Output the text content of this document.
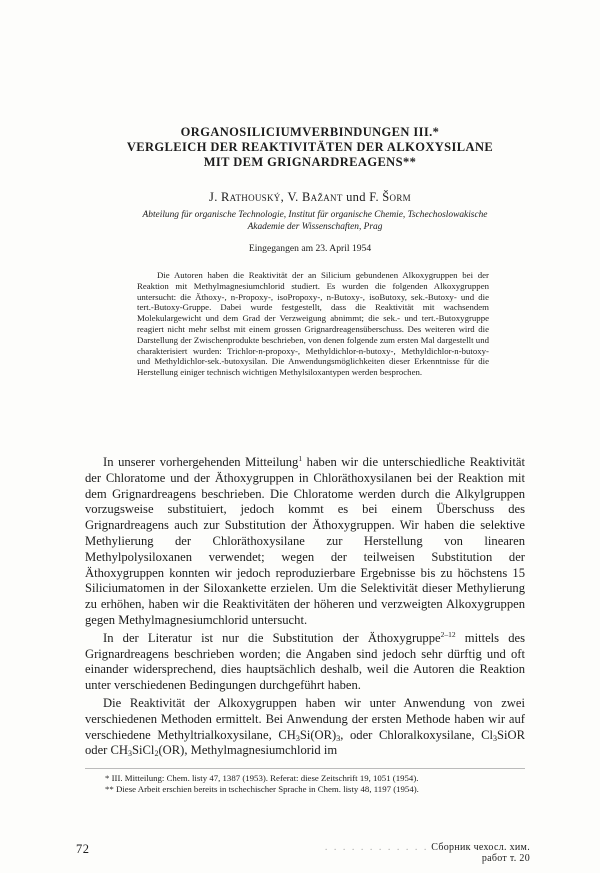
ORGANOSILICIUMVERBINDUNGEN III.*
VERGLEICH DER REAKTIVITÄTEN DER ALKOXYSILANE
MIT DEM GRIGNARDREAGENS**
J. Rathouský, V. Bažant und F. Šorm
Abteilung für organische Technologie, Institut für organische Chemie, Tschechoslowakische
Akademie der Wissenschaften, Prag
Eingegangen am 23. April 1954

Die Autoren haben die Reaktivität der an Silicium gebundenen Alkoxygruppen bei der Reaktion mit Methylmagnesiumchlorid studiert. Es wurden die folgenden Alkoxygruppen untersucht: die Äthoxy-, n-Propoxy-, isoPropoxy-, n-Butoxy-, isoButoxy, sek.-Butoxy- und die tert.-Butoxy-Gruppe. Dabei wurde festgestellt, dass die Reaktivität mit wachsendem Molekulargewicht und dem Grad der Verzweigung abnimmt; die sek.- und tert.-Butoxygruppe reagiert nicht mehr selbst mit einem grossen Grignardreagensüberschuss. Des weiteren wird die Darstellung der Zwischenprodukte beschrieben, von denen folgende zum ersten Mal dargestellt und charakterisiert wurden: Trichlor-n-propoxy-, Methyldichlor-n-butoxy-, Methyldichlor-n-butoxy- und Methyldichlor-sek.-butoxysilan. Die Anwendungsmöglichkeiten dieser Erkenntnisse für die Herstellung einiger technisch wichtigen Methylsiloxantypen werden besprochen.

In unserer vorhergehenden Mitteilung$^1$ haben wir die unterschiedliche Reaktivität der Chloratome und der Äthoxygruppen in Chloräthoxysilanen bei der Reaktion mit dem Grignardreagens beschrieben. Die Chloratome werden durch die Alkylgruppen vorzugsweise substituiert, jedoch kommt es bei einem Überschuss des Grignardreagens auch zur Substitution der Äthoxygruppen. Wir haben die selektive Methylierung der Chloräthoxysilane zur Herstellung von linearen Methylpolysiloxanen verwendet; wegen der teilweisen Substitution der Äthoxygruppen konnten wir jedoch reproduzierbare Ergebnisse bis zu höchstens 15 Siliciumatomen in der Siloxankette erzielen. Um die Selektivität dieser Methylierung zu erhöhen, haben wir die Reaktivitäten der höheren und verzweigten Alkoxygruppen gegen Methylmagnesiumchlorid untersucht.

In der Literatur ist nur die Substitution der Äthoxygruppe$^{2-12}$ mittels des Grignardreagens beschrieben worden; die Angaben sind jedoch sehr dürftig und oft einander widersprechend, dies hauptsächlich deshalb, weil die Autoren die Reaktion unter verschiedenen Bedingungen durchgeführt haben.

Die Reaktivität der Alkoxygruppen haben wir unter Anwendung von zwei verschiedenen Methoden ermittelt. Bei Anwendung der ersten Methode haben wir auf verschiedene Methyltrialkoxysilane, $CH_3Si(OR)_3$, oder Chloralkoxysilane, $Cl_3SiOR$ oder $CH_3SiCl_2(OR)$, Methylmagnesiumchlorid im

* III. Mitteilung: Chem. listy 47, 1387 (1953). Referat: diese Zeitschrift 19, 1051 (1954).
** Diese Arbeit erschien bereits in tschechischer Sprache in Chem. listy 48, 1197 (1954).
72	. . . . . . . . . . . . Сборник чехосл. хим. работ т. 20
